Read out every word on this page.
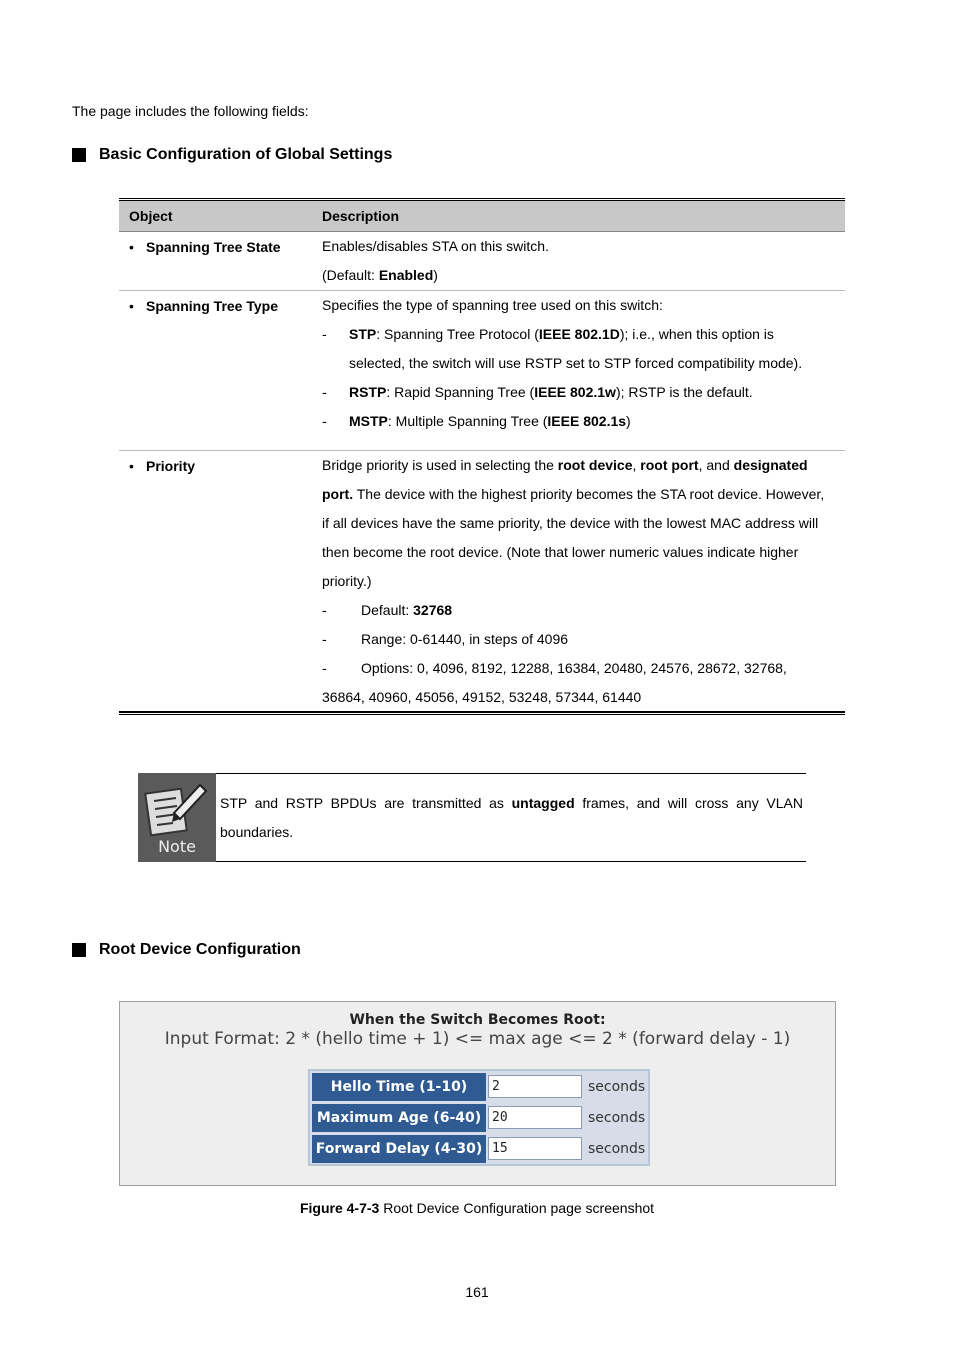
The page includes the following fields:
Basic Configuration of Global Settings
Object	Description
• Spanning Tree State	Enables/disables STA on this switch.
(Default: Enabled)
• Spanning Tree Type	Specifies the type of spanning tree used on this switch:
- STP: Spanning Tree Protocol (IEEE 802.1D); i.e., when this option is
selected, the switch will use RSTP set to STP forced compatibility mode).
- RSTP: Rapid Spanning Tree (IEEE 802.1w); RSTP is the default.
- MSTP: Multiple Spanning Tree (IEEE 802.1s)
• Priority	Bridge priority is used in selecting the root device, root port, and designated
port. The device with the highest priority becomes the STA root device. However,
if all devices have the same priority, the device with the lowest MAC address will
then become the root device. (Note that lower numeric values indicate higher
priority.)
- Default: 32768
- Range: 0-61440, in steps of 4096
- Options: 0, 4096, 8192, 12288, 16384, 20480, 24576, 28672, 32768,
36864, 40960, 45056, 49152, 53248, 57344, 61440
Note
STP and RSTP BPDUs are transmitted as untagged frames, and will cross any VLAN boundaries.
Root Device Configuration
When the Switch Becomes Root:
Input Format: 2 * (hello time + 1) <= max age <= 2 * (forward delay - 1)
Hello Time (1-10)	2	seconds
Maximum Age (6-40) 20	seconds
Forward Delay (4-30) 15	seconds
Figure 4-7-3 Root Device Configuration page screenshot
161
